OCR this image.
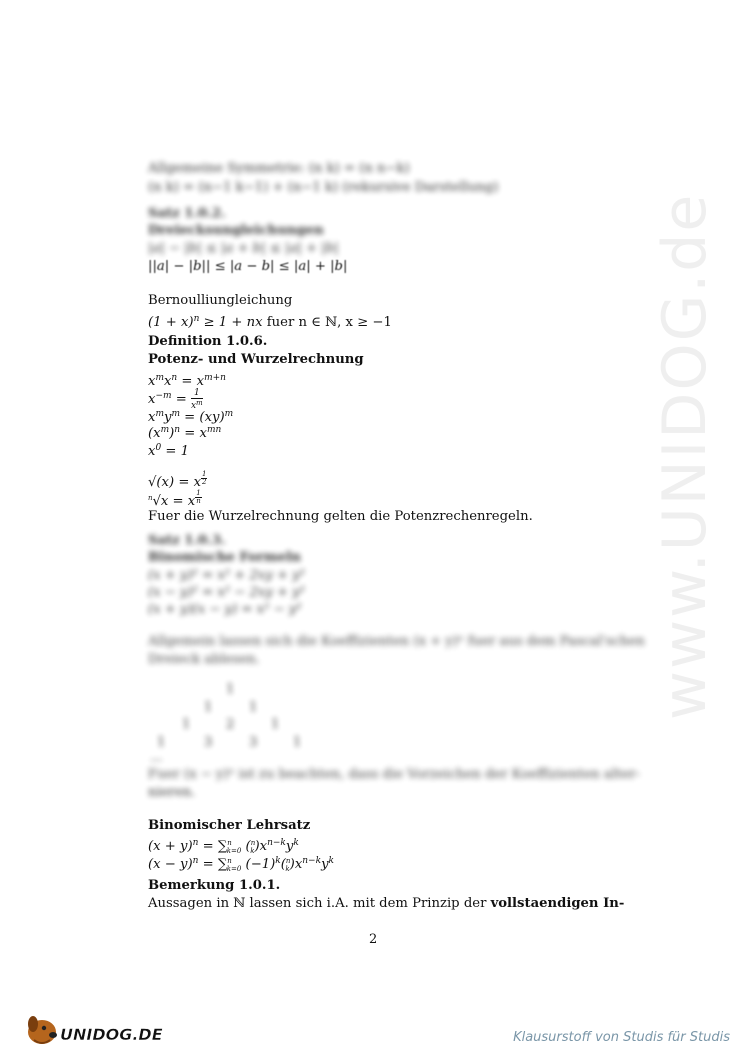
www.UNIDOG.de
Allgemeine Symmetrie: (n k) = (n n−k)
(n k) = (n−1 k−1) + (n−1 k) (rekursive Darstellung)
Satz 1.0.2.
Dreiecksungleichungen
|a| − |b| ≤ |a + b| ≤ |a| + |b|
||a| − |b|| ≤ |a − b| ≤ |a| + |b|
Bernoulliungleichung
$(1 + x)^n \ge 1$ + nx fuer n ∈ ℕ, x ≥ −1
Definition 1.0.6.
Potenz- und Wurzelrechnung
$x^mx^n = x^{m+n}$
$x^{-m} = \frac{1}{x^m}$
$x^my^m = (xy)^m$
$(x^m)^n = x^{mn}$
$x^0 = 1$
√(x) = x $^{\frac{1}{2}}$
$^n$√x = x $^{\frac{1}{n}}$
Fuer die Wurzelrechnung gelten die Potenzrechenregeln.
Satz 1.0.3.
Binomische Formeln
(x + y)² = x² + 2xy + y²
(x − y)² = x² − 2xy + y²
(x + y)(x − y) = x² − y²
Allgemein lassen sich die Koeffizienten (x + y)ⁿ fuer aus dem Pascal'schen
Dreieck ablesen.
1
1	1
1	2	1
1	3	3	1
...
Fuer (x − y)ⁿ ist zu beachten, dass die Vorzeichen der Koeffizienten alter-
nieren.
Binomischer Lehrsatz
$(x + y)^n = \sum^n_{k=0}$ $(^n_k)x^{n-k}y^k$
$(x - y)^n = \sum^n_{k=0}$ $(-1)^k(^n_k)x^{n-k}y^k$
Bemerkung 1.0.1.
Aussagen in ℕ lassen sich i.A. mit dem Prinzip der vollstaendigen In-
2
UNIDOG.DE	Klausurstoff von Studis für Studis
